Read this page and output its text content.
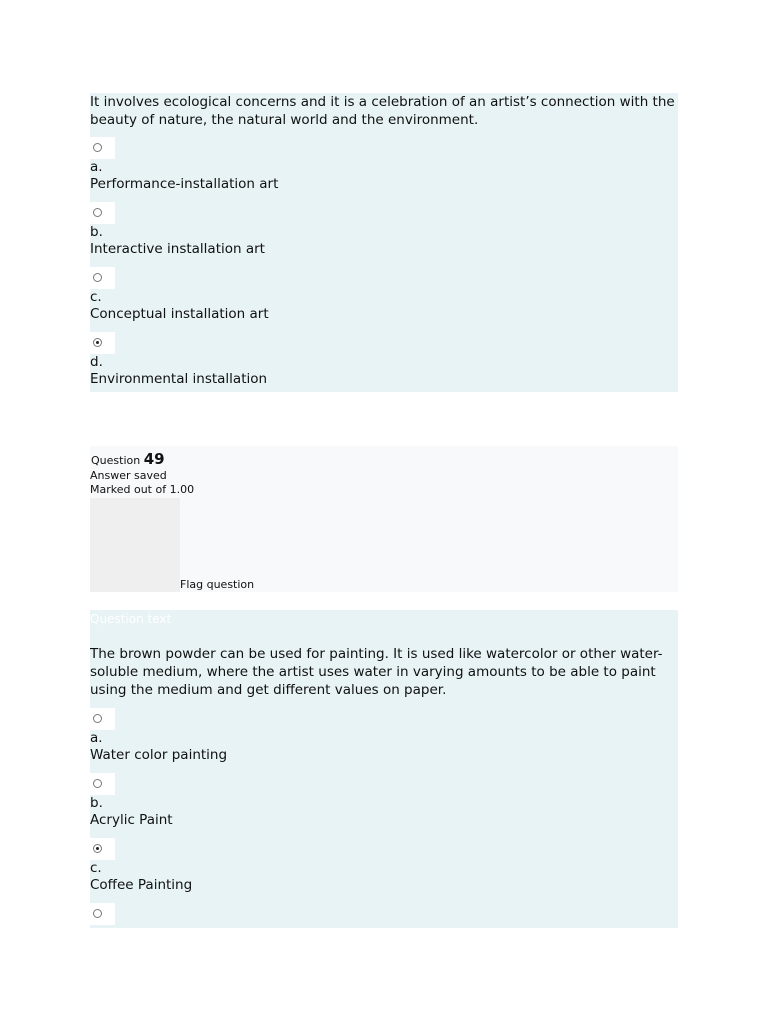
It involves ecological concerns and it is a celebration of an artist’s connection with the beauty of nature, the natural world and the environment.

a.
Performance-installation art
b.
Interactive installation art
c.
Conceptual installation art
d.
Environmental installation
Question 49
Answer saved
Marked out of 1.00
Flag question

Question text

The brown powder can be used for painting. It is used like watercolor or other water-soluble medium, where the artist uses water in varying amounts to be able to paint using the medium and get different values on paper.

a.
Water color painting
b.
Acrylic Paint
c.
Coffee Painting
